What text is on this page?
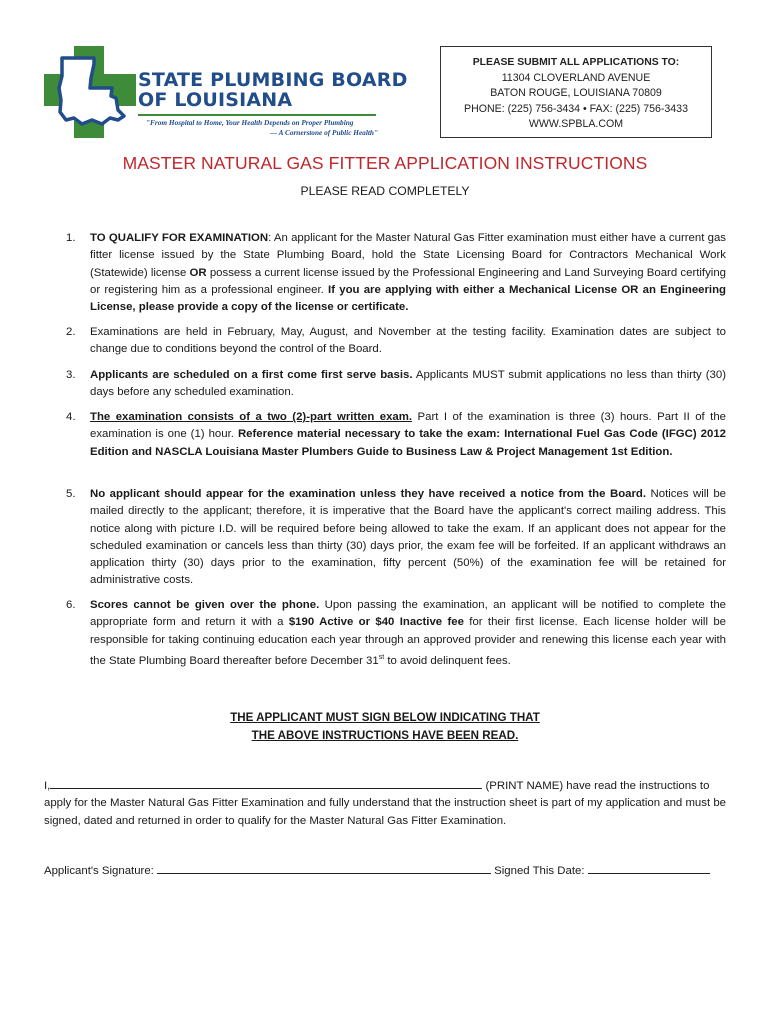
STATE PLUMBING BOARD
OF LOUISIANA
"From Hospital to Home, Your Health Depends on Proper Plumbing
— A Cornerstone of Public Health"
PLEASE SUBMIT ALL APPLICATIONS TO:
11304 CLOVERLAND AVENUE
BATON ROUGE, LOUISIANA 70809
PHONE: (225) 756-3434 • FAX: (225) 756-3433
WWW.SPBLA.COM
MASTER NATURAL GAS FITTER APPLICATION INSTRUCTIONS
PLEASE READ COMPLETELY
1.	TO QUALIFY FOR EXAMINATION: An applicant for the Master Natural Gas Fitter examination must either have a current gas fitter license issued by the State Plumbing Board, hold the State Licensing Board for Contractors Mechanical Work (Statewide) license OR possess a current license issued by the Professional Engineering and Land Surveying Board certifying or registering him as a professional engineer. If you are applying with either a Mechanical License OR an Engineering License, please provide a copy of the license or certificate.
2.	Examinations are held in February, May, August, and November at the testing facility. Examination dates are subject to change due to conditions beyond the control of the Board.
3.	Applicants are scheduled on a first come first serve basis. Applicants MUST submit applications no less than thirty (30) days before any scheduled examination.
4.	The examination consists of a two (2)-part written exam. Part I of the examination is three (3) hours. Part II of the examination is one (1) hour. Reference material necessary to take the exam: International Fuel Gas Code (IFGC) 2012 Edition and NASCLA Louisiana Master Plumbers Guide to Business Law & Project Management 1st Edition.
5.	No applicant should appear for the examination unless they have received a notice from the Board. Notices will be mailed directly to the applicant; therefore, it is imperative that the Board have the applicant's correct mailing address. This notice along with picture I.D. will be required before being allowed to take the exam. If an applicant does not appear for the scheduled examination or cancels less than thirty (30) days prior, the exam fee will be forfeited. If an applicant withdraws an application thirty (30) days prior to the examination, fifty percent (50%) of the examination fee will be retained for administrative costs.
6.	Scores cannot be given over the phone. Upon passing the examination, an applicant will be notified to complete the appropriate form and return it with a $190 Active or $40 Inactive fee for their first license. Each license holder will be responsible for taking continuing education each year through an approved provider and renewing this license each year with the State Plumbing Board thereafter before December 31st to avoid delinquent fees.
THE APPLICANT MUST SIGN BELOW INDICATING THAT
THE ABOVE INSTRUCTIONS HAVE BEEN READ.
I,	(PRINT NAME) have read the instructions to
apply for the Master Natural Gas Fitter Examination and fully understand that the instruction sheet is part of my application and must be signed, dated and returned in order to qualify for the Master Natural Gas Fitter Examination.
Applicant's Signature:	Signed This Date:
